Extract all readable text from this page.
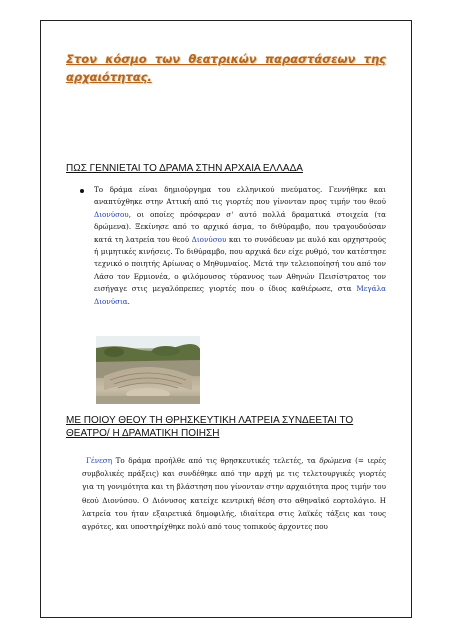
Στον κόσμο των θεατρικών παραστάσεων της
αρχαιότητας.
ΠΩΣ ΓΕΝΝΙΕΤΑΙ ΤΟ ΔΡΑΜΑ ΣΤΗΝ ΑΡΧΑΙΑ ΕΛΛΑΔΑ

Το δράμα είναι δημιούργημα του ελληνικού πνεύματος. Γεννήθηκε και αναπτύχθηκε στην Αττική από τις γιορτές που γίνονταν προς τιμήν του θεού Διονύσου, οι οποίες πρόσφεραν σ' αυτό πολλά δραματικά στοιχεία (τα δρώμενα). Ξεκίνησε από το αρχικό άσμα, το διθύραμβο, που τραγουδούσαν κατά τη λατρεία του θεού Διονύσου και το συνόδευαν με αυλό και ορχηστρούς ή μιμητικές κινήσεις. Το διθύραμβο, που αρχικά δεν είχε ρυθμό, τον κατέστησε τεχνικό ο ποιητής Αρίωνας ο Μηθυμναίος. Μετά την τελειοποίησή του από τον Λάσο τον Ερμιονέα, ο φιλόμουσος τύραννος των Αθηνών Πεισίστρατος τον εισήγαγε στις μεγαλόπρεπες γιορτές που ο ίδιος καθιέρωσε, στα Μεγάλα Διονύσια.

ΜΕ ΠΟΙΟΥ ΘΕΟΥ ΤΗ ΘΡΗΣΚΕΥΤΙΚΗ ΛΑΤΡΕΙΑ ΣΥΝΔΕΕΤΑΙ ΤΟ ΘΕΑΤΡΟ/ Η ΔΡΑΜΑΤΙΚΗ ΠΟΙΗΣΗ

Γένεση Το δράμα προήλθε από τις θρησκευτικές τελετές, τα δρώμενα (= ιερές συμβολικές πράξεις) και συνδέθηκε από την αρχή με τις τελετουργικές γιορτές για τη γονιμότητα και τη βλάστηση που γίνονταν στην αρχαιότητα προς τιμήν του θεού Διονύσου. Ο Διόνυσος κατείχε κεντρική θέση στο αθηναϊκό εορτολόγιο. Η λατρεία του ήταν εξαιρετικά δημοφιλής, ιδιαίτερα στις λαϊκές τάξεις και τους αγρότες, και υποστηρίχθηκε πολύ από τους τοπικούς άρχοντες που
